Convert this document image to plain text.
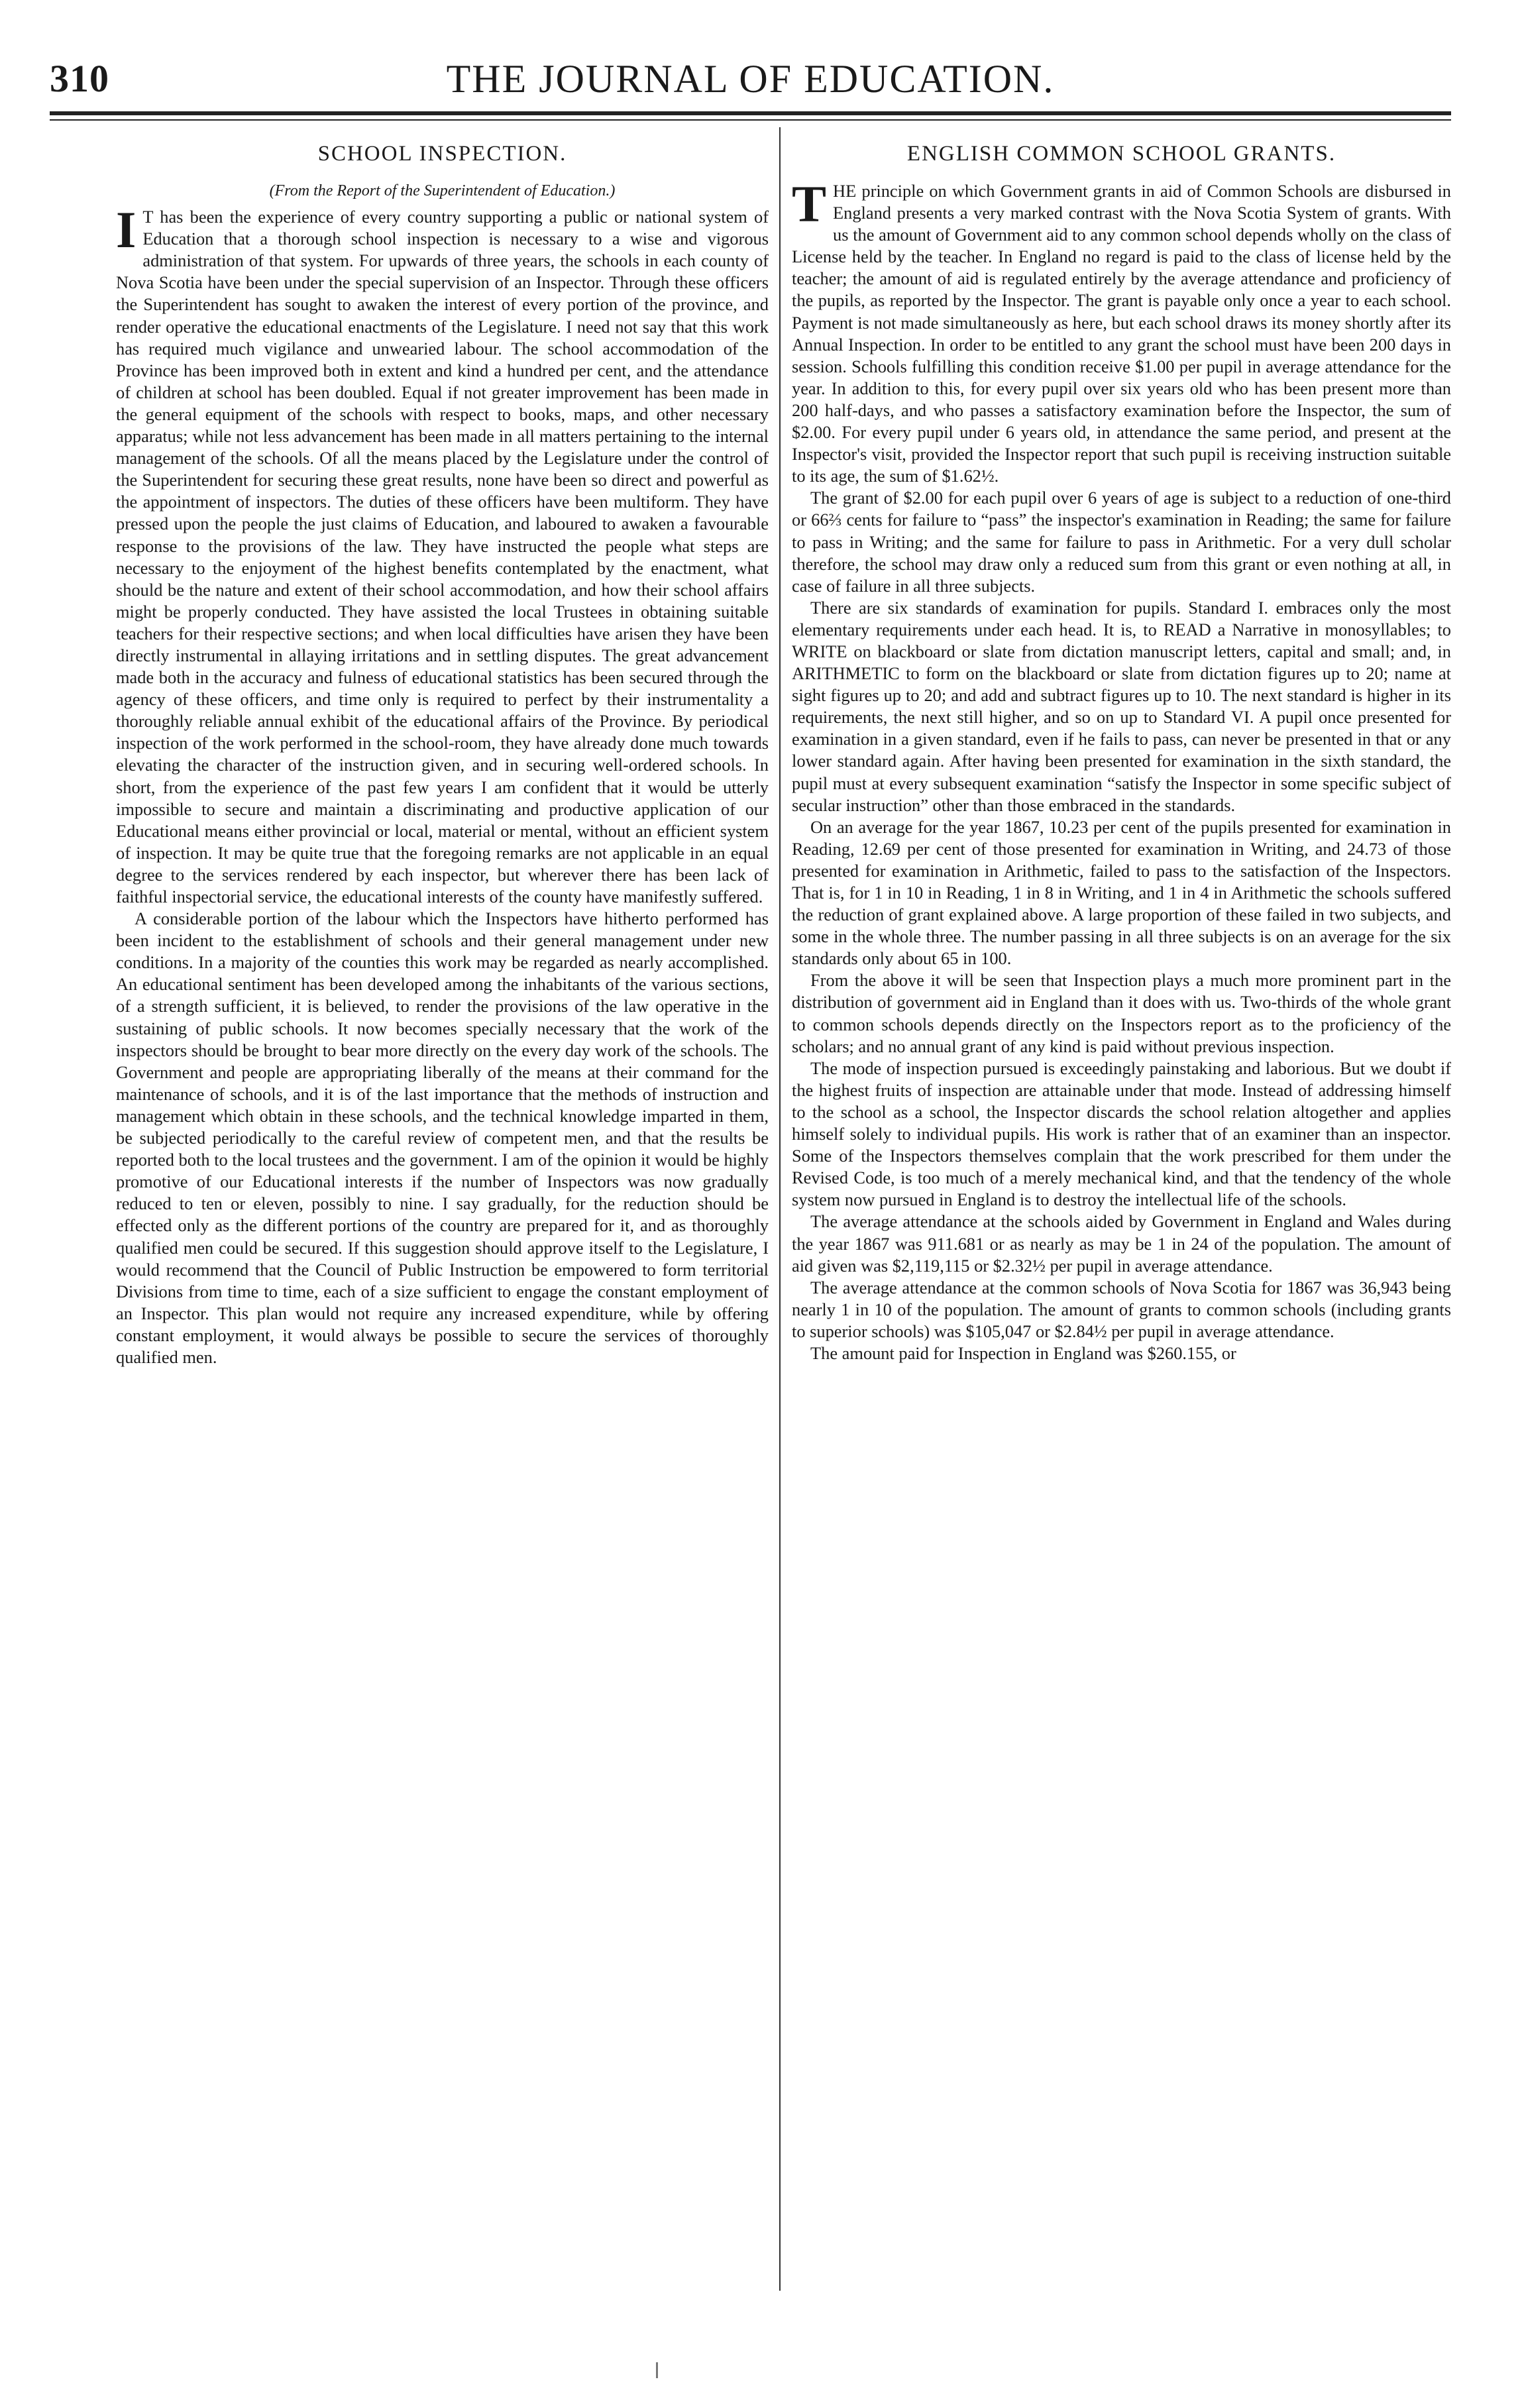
310	THE JOURNAL OF EDUCATION.
SCHOOL INSPECTION.
(From the Report of the Superintendent of Education.)

I T has been the experience of every country supporting a public or national system of Education that a thorough school inspection is necessary to a wise and vigorous administration of that system. For upwards of three years, the schools in each county of Nova Scotia have been under the special supervision of an Inspector. Through these officers the Superintendent has sought to awaken the interest of every portion of the province, and render operative the educational enactments of the Legislature. I need not say that this work has required much vigilance and unwearied labour. The school accommodation of the Province has been improved both in extent and kind a hundred per cent, and the attendance of children at school has been doubled. Equal if not greater improvement has been made in the general equipment of the schools with respect to books, maps, and other necessary apparatus; while not less advancement has been made in all matters pertaining to the internal management of the schools. Of all the means placed by the Legislature under the control of the Superintendent for securing these great results, none have been so direct and powerful as the appointment of inspectors. The duties of these officers have been multiform. They have pressed upon the people the just claims of Education, and laboured to awaken a favourable response to the provisions of the law. They have instructed the people what steps are necessary to the enjoyment of the highest benefits contemplated by the enactment, what should be the nature and extent of their school accommodation, and how their school affairs might be properly conducted. They have assisted the local Trustees in obtaining suitable teachers for their respective sections; and when local difficulties have arisen they have been directly instrumental in allaying irritations and in settling disputes. The great advancement made both in the accuracy and fulness of educational statistics has been secured through the agency of these officers, and time only is required to perfect by their instrumentality a thoroughly reliable annual exhibit of the educational affairs of the Province. By periodical inspection of the work performed in the school-room, they have already done much towards elevating the character of the instruction given, and in securing well-ordered schools. In short, from the experience of the past few years I am confident that it would be utterly impossible to secure and maintain a discriminating and productive application of our Educational means either provincial or local, material or mental, without an efficient system of inspection. It may be quite true that the foregoing remarks are not applicable in an equal degree to the services rendered by each inspector, but wherever there has been lack of faithful inspectorial service, the educational interests of the county have manifestly suffered.

A considerable portion of the labour which the Inspectors have hitherto performed has been incident to the establishment of schools and their general management under new conditions. In a majority of the counties this work may be regarded as nearly accomplished. An educational sentiment has been developed among the inhabitants of the various sections, of a strength sufficient, it is believed, to render the provisions of the law operative in the sustaining of public schools. It now becomes specially necessary that the work of the inspectors should be brought to bear more directly on the every day work of the schools. The Government and people are appropriating liberally of the means at their command for the maintenance of schools, and it is of the last importance that the methods of instruction and management which obtain in these schools, and the technical knowledge imparted in them, be subjected periodically to the careful review of competent men, and that the results be reported both to the local trustees and the government. I am of the opinion it would be highly promotive of our Educational interests if the number of Inspectors was now gradually reduced to ten or eleven, possibly to nine. I say gradually, for the reduction should be effected only as the different portions of the country are prepared for it, and as thoroughly qualified men could be secured. If this suggestion should approve itself to the Legislature, I would recommend that the Council of Public Instruction be empowered to form territorial Divisions from time to time, each of a size sufficient to engage the constant employment of an Inspector. This plan would not require any increased expenditure, while by offering constant employment, it would always be possible to secure the services of thoroughly qualified men.

ENGLISH COMMON SCHOOL GRANTS.

THE principle on which Government grants in aid of Common Schools are disbursed in England presents a very marked contrast with the Nova Scotia System of grants. With us the amount of Government aid to any common school depends wholly on the class of License held by the teacher. In England no regard is paid to the class of license held by the teacher; the amount of aid is regulated entirely by the average attendance and proficiency of the pupils, as reported by the Inspector. The grant is payable only once a year to each school. Payment is not made simultaneously as here, but each school draws its money shortly after its Annual Inspection. In order to be entitled to any grant the school must have been 200 days in session. Schools fulfilling this condition receive $1.00 per pupil in average attendance for the year. In addition to this, for every pupil over six years old who has been present more than 200 half-days, and who passes a satisfactory examination before the Inspector, the sum of $2.00. For every pupil under 6 years old, in attendance the same period, and present at the Inspector's visit, provided the Inspector report that such pupil is receiving instruction suitable to its age, the sum of $1.62½.

The grant of $2.00 for each pupil over 6 years of age is subject to a reduction of one-third or 66⅔ cents for failure to “pass” the inspector's examination in Reading; the same for failure to pass in Writing; and the same for failure to pass in Arithmetic. For a very dull scholar therefore, the school may draw only a reduced sum from this grant or even nothing at all, in case of failure in all three subjects.

There are six standards of examination for pupils. Standard I. embraces only the most elementary requirements under each head. It is, to READ a Narrative in monosyllables; to WRITE on blackboard or slate from dictation manuscript letters, capital and small; and, in ARITHMETIC to form on the blackboard or slate from dictation figures up to 20; name at sight figures up to 20; and add and subtract figures up to 10. The next standard is higher in its requirements, the next still higher, and so on up to Standard VI. A pupil once presented for examination in a given standard, even if he fails to pass, can never be presented in that or any lower standard again. After having been presented for examination in the sixth standard, the pupil must at every subsequent examination “satisfy the Inspector in some specific subject of secular instruction” other than those embraced in the standards.

On an average for the year 1867, 10.23 per cent of the pupils presented for examination in Reading, 12.69 per cent of those presented for examination in Writing, and 24.73 of those presented for examination in Arithmetic, failed to pass to the satisfaction of the Inspectors. That is, for 1 in 10 in Reading, 1 in 8 in Writing, and 1 in 4 in Arithmetic the schools suffered the reduction of grant explained above. A large proportion of these failed in two subjects, and some in the whole three. The number passing in all three subjects is on an average for the six standards only about 65 in 100.

From the above it will be seen that Inspection plays a much more prominent part in the distribution of government aid in England than it does with us. Two-thirds of the whole grant to common schools depends directly on the Inspectors report as to the proficiency of the scholars; and no annual grant of any kind is paid without previous inspection.

The mode of inspection pursued is exceedingly painstaking and laborious. But we doubt if the highest fruits of inspection are attainable under that mode. Instead of addressing himself to the school as a school, the Inspector discards the school relation altogether and applies himself solely to individual pupils. His work is rather that of an examiner than an inspector. Some of the Inspectors themselves complain that the work prescribed for them under the Revised Code, is too much of a merely mechanical kind, and that the tendency of the whole system now pursued in England is to destroy the intellectual life of the schools.

The average attendance at the schools aided by Government in England and Wales during the year 1867 was 911.681 or as nearly as may be 1 in 24 of the population. The amount of aid given was $2,119,115 or $2.32½ per pupil in average attendance.

The average attendance at the common schools of Nova Scotia for 1867 was 36,943 being nearly 1 in 10 of the population. The amount of grants to common schools (including grants to superior schools) was $105,047 or $2.84½ per pupil in average attendance.

The amount paid for Inspection in England was $260.155, or
